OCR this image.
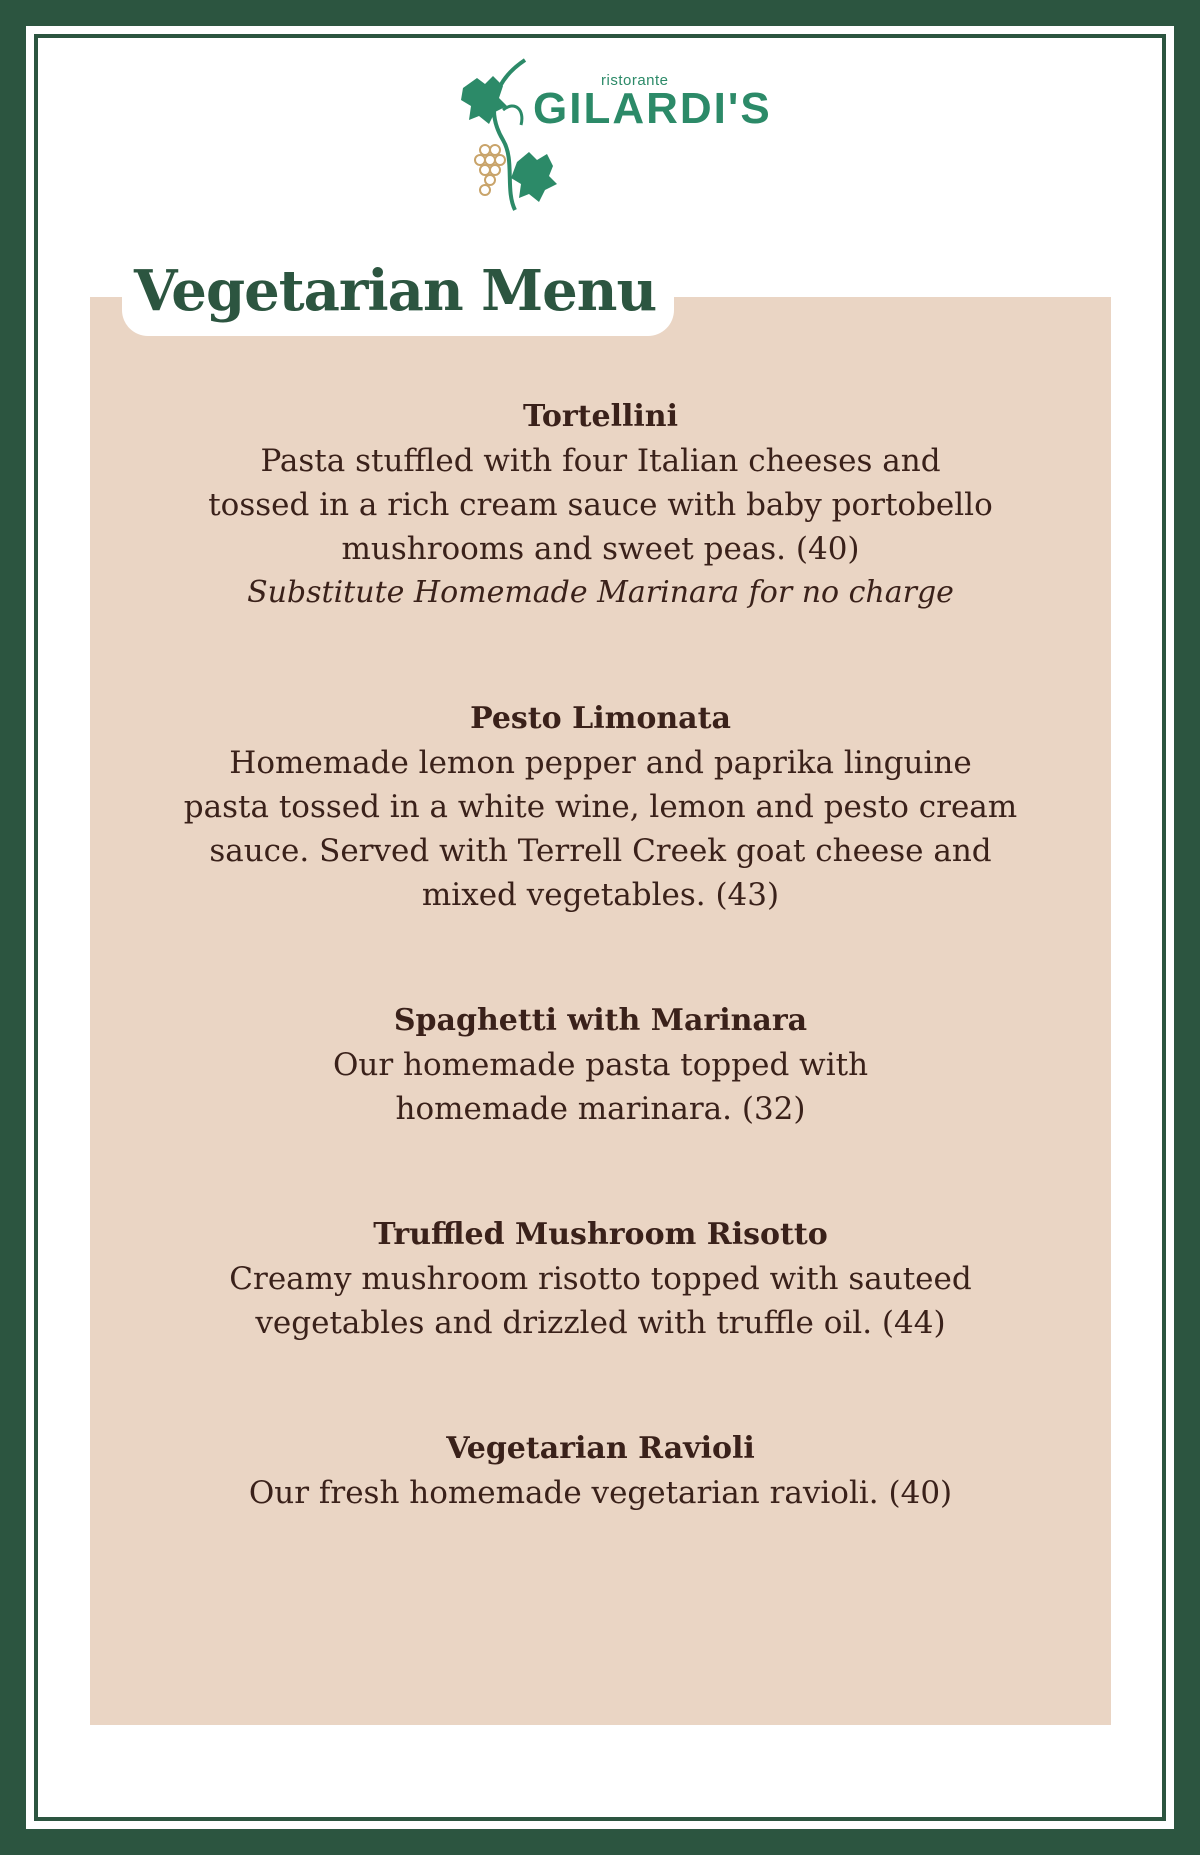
ristorante
GILARDI'S
Vegetarian Menu
Tortellini
Pasta stuffled with four Italian cheeses and
tossed in a rich cream sauce with baby portobello
mushrooms and sweet peas. (40)
Substitute Homemade Marinara for no charge
Pesto Limonata
Homemade lemon pepper and paprika linguine
pasta tossed in a white wine, lemon and pesto cream
sauce. Served with Terrell Creek goat cheese and
mixed vegetables. (43)
Spaghetti with Marinara
Our homemade pasta topped with
homemade marinara. (32)
Truffled Mushroom Risotto
Creamy mushroom risotto topped with sauteed
vegetables and drizzled with truffle oil. (44)
Vegetarian Ravioli
Our fresh homemade vegetarian ravioli. (40)
